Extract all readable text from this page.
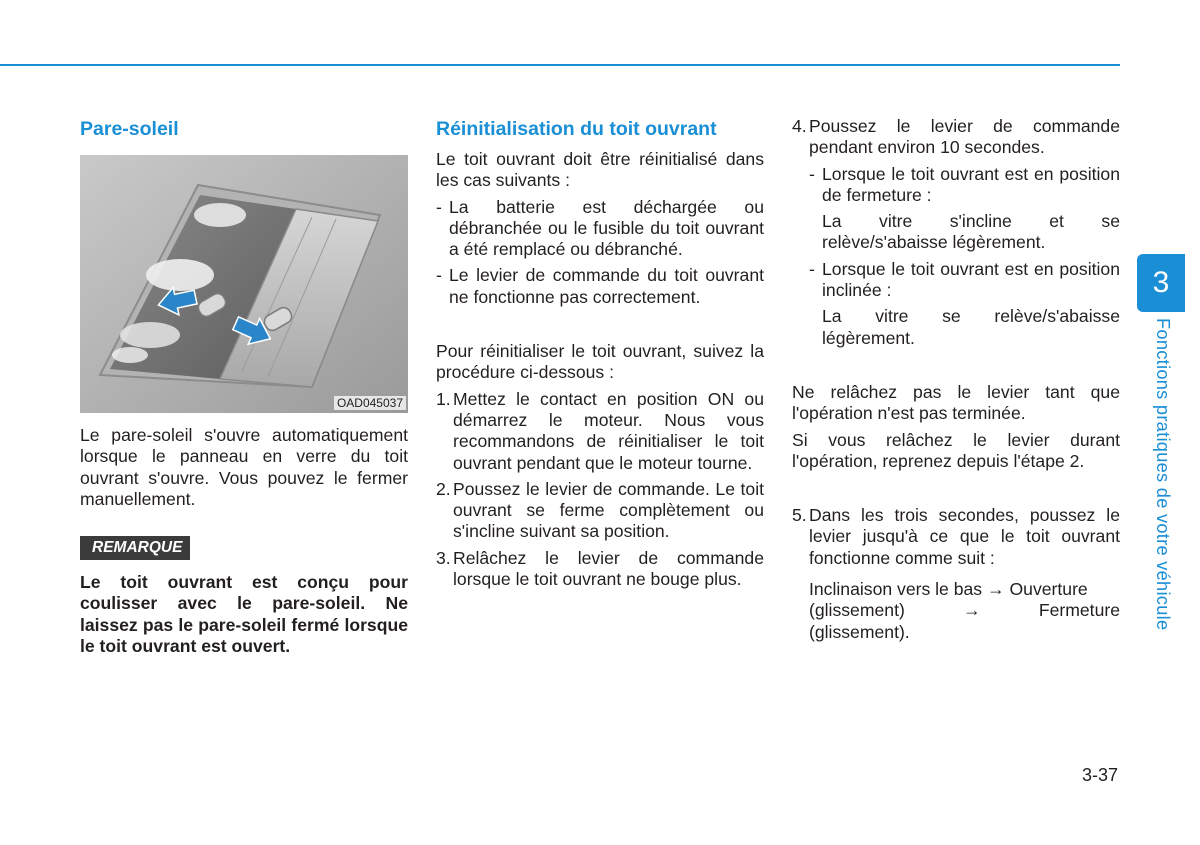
Pare-soleil
OAD045037

Le pare-soleil s'ouvre automatiquement lorsque le panneau en verre du toit ouvrant s'ouvre. Vous pouvez le fermer manuellement.

REMARQUE

Le toit ouvrant est conçu pour coulisser avec le pare-soleil. Ne laissez pas le pare-soleil fermé lorsque le toit ouvrant est ouvert.

Réinitialisation du toit ouvrant

Le toit ouvrant doit être réinitialisé dans les cas suivants :

- La batterie est déchargée ou débranchée ou le fusible du toit ouvrant a été remplacé ou débranché.
- Le levier de commande du toit ouvrant ne fonctionne pas correctement.

Pour réinitialiser le toit ouvrant, suivez la procédure ci-dessous :

1. Mettez le contact en position ON ou démarrez le moteur. Nous vous recommandons de réinitialiser le toit ouvrant pendant que le moteur tourne.
2. Poussez le levier de commande. Le toit ouvrant se ferme complètement ou s'incline suivant sa position.
3. Relâchez le levier de commande lorsque le toit ouvrant ne bouge plus.
4. Poussez le levier de commande pendant environ 10 secondes.
- Lorsque le toit ouvrant est en position de fermeture :

La vitre s'incline et se relève/s'abaisse légèrement.

- Lorsque le toit ouvrant est en position inclinée :

La vitre se relève/s'abaisse légèrement.

Ne relâchez pas le levier tant que l'opération n'est pas terminée.

Si vous relâchez le levier durant l'opération, reprenez depuis l'étape 2.

5. Dans les trois secondes, poussez le levier jusqu'à ce que le toit ouvrant fonctionne comme suit :
Inclinaison vers le bas
→
Ouverture
(glissement)	→	Fermeture
(glissement).
3
Fonctions pratiques de votre véhicule
3-37
